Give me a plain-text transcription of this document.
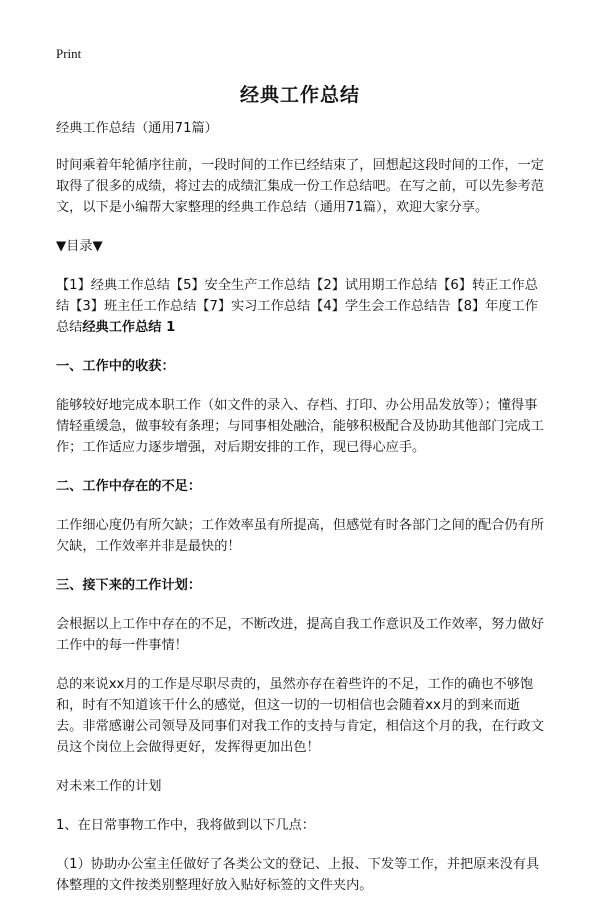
Print
经典工作总结

经典工作总结（通用71篇）

时间乘着年轮循序往前，一段时间的工作已经结束了，回想起这段时间的工作，一定取得了很多的成绩，将过去的成绩汇集成一份工作总结吧。在写之前，可以先参考范文，以下是小编帮大家整理的经典工作总结（通用71篇），欢迎大家分享。

▼目录▼

【1】经典工作总结【5】安全生产工作总结【2】试用期工作总结【6】转正工作总结【3】班主任工作总结【7】实习工作总结【4】学生会工作总结告【8】年度工作总结经典工作总结 1

一、工作中的收获：

能够较好地完成本职工作（如文件的录入、存档、打印、办公用品发放等）；懂得事情轻重缓急，做事较有条理；与同事相处融洽，能够积极配合及协助其他部门完成工作；工作适应力逐步增强，对后期安排的工作，现已得心应手。

二、工作中存在的不足：

工作细心度仍有所欠缺；工作效率虽有所提高，但感觉有时各部门之间的配合仍有所欠缺，工作效率并非是最快的！

三、接下来的工作计划：

会根据以上工作中存在的不足，不断改进，提高自我工作意识及工作效率，努力做好工作中的每一件事情！

总的来说xx月的工作是尽职尽责的，虽然亦存在着些许的不足，工作的确也不够饱和，时有不知道该干什么的感觉，但这一切的一切相信也会随着xx月的到来而逝去。非常感谢公司领导及同事们对我工作的支持与肯定，相信这个月的我，在行政文员这个岗位上会做得更好，发挥得更加出色！

对未来工作的计划

1、在日常事物工作中，我将做到以下几点：

（1）协助办公室主任做好了各类公文的登记、上报、下发等工作，并把原来没有具体整理的文件按类别整理好放入贴好标签的文件夹内。
